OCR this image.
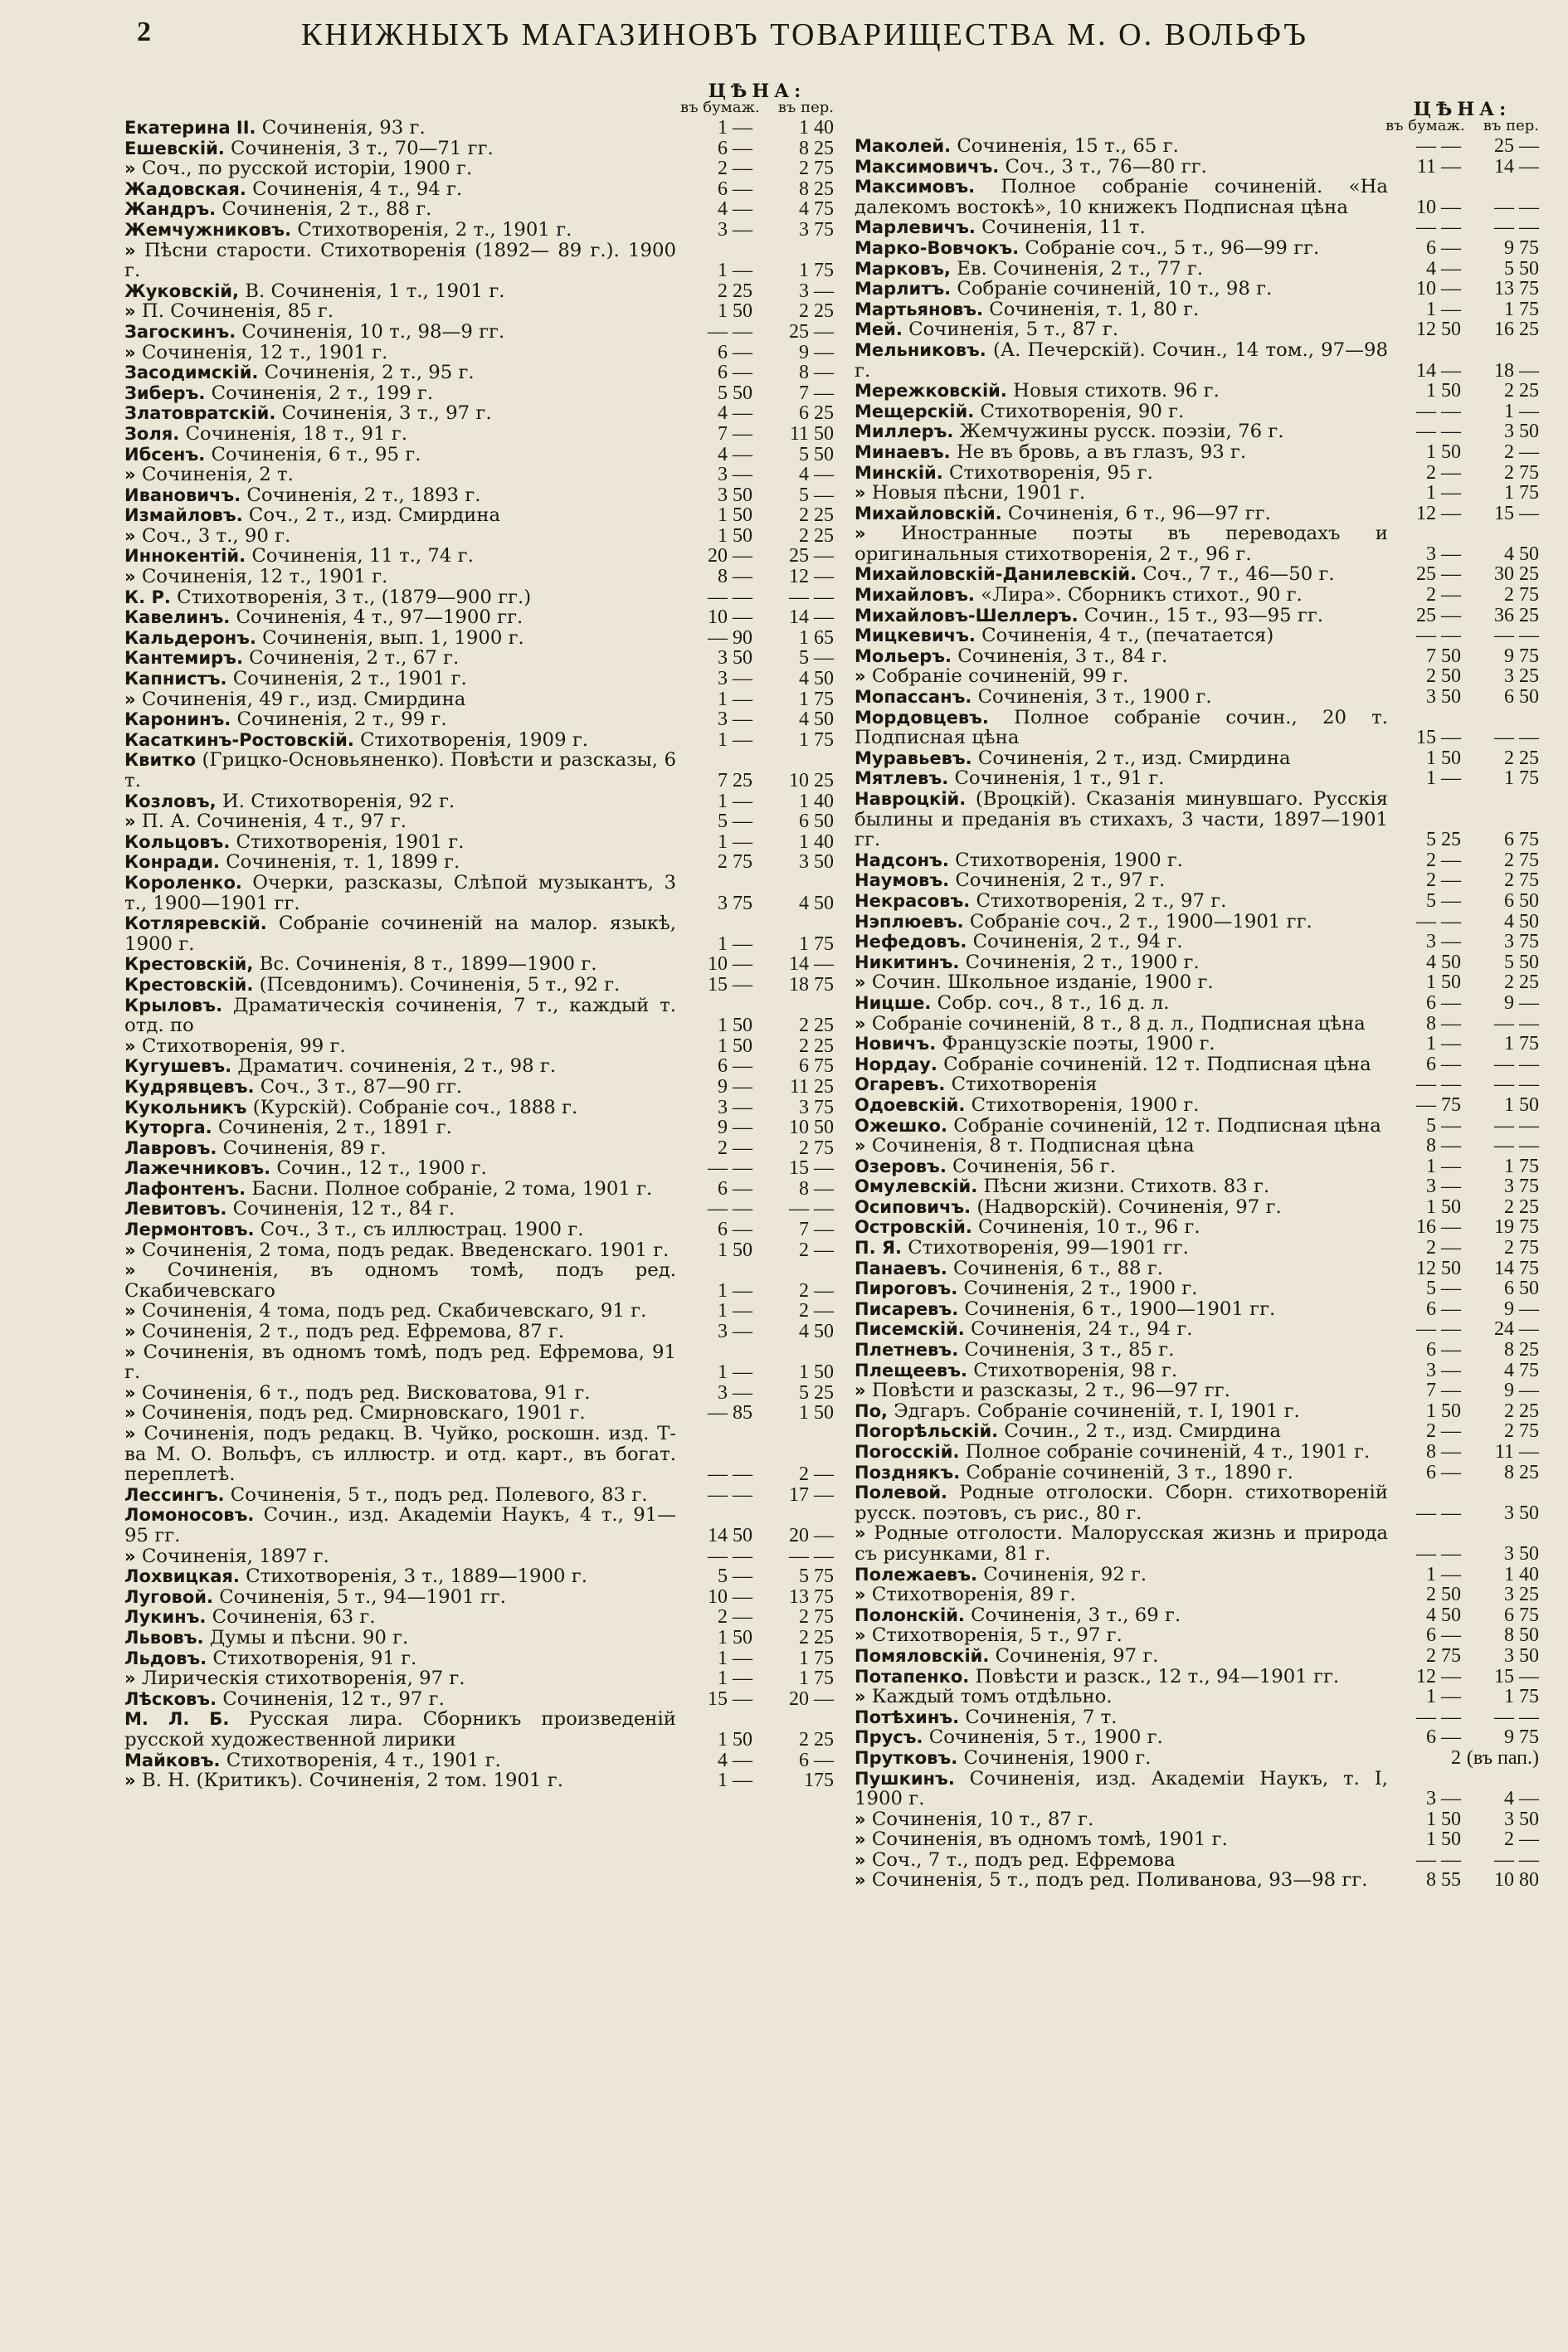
2	КНИЖНЫХЪ МАГАЗИНОВЪ ТОВАРИЩЕСТВА М. О. ВОЛЬФЪ
ЦѢНА:
въ бумаж. въ пер.
Екатерина II. Сочиненія, 93 г.	1 —	1 40
Ешевскій. Сочиненія, 3 т., 70—71 гг.	6 —	8 25
» Соч., по русской исторіи, 1900 г.	2 —	2 75
Жадовская. Сочиненія, 4 т., 94 г.	6 —	8 25
Жандръ. Сочиненія, 2 т., 88 г.	4 —	4 75
Жемчужниковъ. Стихотворенія, 2 т., 1901 г.	3 —	3 75
» Пѣсни старости. Стихотворенія (1892— 89 г.). 1900 г.	1 —	1 75
Жуковскій, В. Сочиненія, 1 т., 1901 г.	2 25	3 —
» П. Сочиненія, 85 г.	1 50	2 25
Загоскинъ. Сочиненія, 10 т., 98—9 гг.	— —	25 —
» Сочиненія, 12 т., 1901 г.	6 —	9 —
Засодимскій. Сочиненія, 2 т., 95 г.	6 —	8 —
Зиберъ. Сочиненія, 2 т., 199 г.	5 50	7 —
Златовратскій. Сочиненія, 3 т., 97 г.	4 —	6 25
Золя. Сочиненія, 18 т., 91 г.	7 —	11 50
Ибсенъ. Сочиненія, 6 т., 95 г.	4 —	5 50
» Сочиненія, 2 т.	3 —	4 —
Ивановичъ. Сочиненія, 2 т., 1893 г.	3 50	5 —
Измайловъ. Соч., 2 т., изд. Смирдина	1 50	2 25
» Соч., 3 т., 90 г.	1 50	2 25
Иннокентій. Сочиненія, 11 т., 74 г.	20 —	25 —
» Сочиненія, 12 т., 1901 г.	8 —	12 —
К. Р. Стихотворенія, 3 т., (1879—900 гг.)	— —	— —
Кавелинъ. Сочиненія, 4 т., 97—1900 гг.	10 —	14 —
Кальдеронъ. Сочиненія, вып. 1, 1900 г.	— 90	1 65
Кантемиръ. Сочиненія, 2 т., 67 г.	3 50	5 —
Капнистъ. Сочиненія, 2 т., 1901 г.	3 —	4 50
» Сочиненія, 49 г., изд. Смирдина	1 —	1 75
Каронинъ. Сочиненія, 2 т., 99 г.	3 —	4 50
Касаткинъ-Ростовскій. Стихотворенія, 1909 г.	1 —	1 75
Квитко (Грицко-Основьяненко). Повѣсти и разсказы, 6 т.	7 25	10 25
Козловъ, И. Стихотворенія, 92 г.	1 —	1 40
» П. А. Сочиненія, 4 т., 97 г.	5 —	6 50
Кольцовъ. Стихотворенія, 1901 г.	1 —	1 40
Конради. Сочиненія, т. 1, 1899 г.	2 75	3 50
Короленко. Очерки, разсказы, Слѣпой музыкантъ, 3 т., 1900—1901 гг.	3 75	4 50
Котляревскій. Собраніе сочиненій на малор. языкѣ, 1900 г.	1 —	1 75
Крестовскій, Вс. Сочиненія, 8 т., 1899—1900 г.	10 —	14 —
Крестовскій. (Псевдонимъ). Сочиненія, 5 т., 92 г.	15 —	18 75
Крыловъ. Драматическія сочиненія, 7 т., каждый т. отд. по	1 50	2 25
» Стихотворенія, 99 г.	1 50	2 25
Кугушевъ. Драматич. сочиненія, 2 т., 98 г.	6 —	6 75
Кудрявцевъ. Соч., 3 т., 87—90 гг.	9 —	11 25
Кукольникъ (Курскій). Собраніе соч., 1888 г.	3 —	3 75
Куторга. Сочиненія, 2 т., 1891 г.	9 —	10 50
Лавровъ. Сочиненія, 89 г.	2 —	2 75
Лажечниковъ. Сочин., 12 т., 1900 г.	— —	15 —
Лафонтенъ. Басни. Полное собраніе, 2 тома, 1901 г.	6 —	8 —
Левитовъ. Сочиненія, 12 т., 84 г.	— —	— —
Лермонтовъ. Соч., 3 т., съ иллюстрац. 1900 г.	6 —	7 —
» Сочиненія, 2 тома, подъ редак. Введенскаго. 1901 г.	1 50	2 —
» Сочиненія, въ одномъ томѣ, подъ ред. Скабичевскаго	1 —	2 —
» Сочиненія, 4 тома, подъ ред. Скабичевскаго, 91 г.	1 —	2 —
» Сочиненія, 2 т., подъ ред. Ефремова, 87 г.	3 —	4 50
» Сочиненія, въ одномъ томѣ, подъ ред. Ефремова, 91 г.	1 —	1 50
» Сочиненія, 6 т., подъ ред. Висковатова, 91 г.	3 —	5 25
» Сочиненія, подъ ред. Смирновскаго, 1901 г.	— 85	1 50
» Сочиненія, подъ редакц. В. Чуйко, роскошн. изд. Т-ва М. О. Вольфъ, съ иллюстр. и отд. карт., въ богат. переплетѣ.	— —	2 —
Лессингъ. Сочиненія, 5 т., подъ ред. Полевого, 83 г.	— —	17 —
Ломоносовъ. Сочин., изд. Академіи Наукъ, 4 т., 91—95 гг.	14 50	20 —
» Сочиненія, 1897 г.	— —	— —
Лохвицкая. Стихотворенія, 3 т., 1889—1900 г.	5 —	5 75
Луговой. Сочиненія, 5 т., 94—1901 гг.	10 —	13 75
Лукинъ. Сочиненія, 63 г.	2 —	2 75
Львовъ. Думы и пѣсни. 90 г.	1 50	2 25
Льдовъ. Стихотворенія, 91 г.	1 —	1 75
» Лирическія стихотворенія, 97 г.	1 —	1 75
Лѣсковъ. Сочиненія, 12 т., 97 г.	15 —	20 —
М. Л. Б. Русская лира. Сборникъ произведеній русской художественной лирики	1 50	2 25
Майковъ. Стихотворенія, 4 т., 1901 г.	4 —	6 —
» В. Н. (Критикъ). Сочиненія, 2 том. 1901 г.	1 —	175
ЦѢНА:
въ бумаж. въ пер.
Маколей. Сочиненія, 15 т., 65 г.	— —	25 —
Максимовичъ. Соч., 3 т., 76—80 гг.	11 —	14 —
Максимовъ. Полное собраніе сочиненій. «На далекомъ востокѣ», 10 книжекъ Подписная цѣна	10 —	— —
Марлевичъ. Сочиненія, 11 т.	— —	— —
Марко-Вовчокъ. Собраніе соч., 5 т., 96—99 гг.	6 —	9 75
Марковъ, Ев. Сочиненія, 2 т., 77 г.	4 —	5 50
Марлитъ. Собраніе сочиненій, 10 т., 98 г.	10 —	13 75
Мартьяновъ. Сочиненія, т. 1, 80 г.	1 —	1 75
Мей. Сочиненія, 5 т., 87 г.	12 50	16 25
Мельниковъ. (А. Печерскій). Сочин., 14 том., 97—98 г.	14 —	18 —
Мережковскій. Новыя стихотв. 96 г.	1 50	2 25
Мещерскій. Стихотворенія, 90 г.	— —	1 —
Миллеръ. Жемчужины русск. поэзіи, 76 г.	— —	3 50
Минаевъ. Не въ бровь, а въ глазъ, 93 г.	1 50	2 —
Минскій. Стихотворенія, 95 г.	2 —	2 75
» Новыя пѣсни, 1901 г.	1 —	1 75
Михайловскій. Сочиненія, 6 т., 96—97 гг.	12 —	15 —
» Иностранные поэты въ переводахъ и оригинальныя стихотворенія, 2 т., 96 г.	3 —	4 50
Михайловскій-Данилевскій. Соч., 7 т., 46—50 г.	25 —	30 25
Михайловъ. «Лира». Сборникъ стихот., 90 г.	2 —	2 75
Михайловъ-Шеллеръ. Сочин., 15 т., 93—95 гг.	25 —	36 25
Мицкевичъ. Сочиненія, 4 т., (печатается)	— —	— —
Мольеръ. Сочиненія, 3 т., 84 г.	7 50	9 75
» Собраніе сочиненій, 99 г.	2 50	3 25
Мопассанъ. Сочиненія, 3 т., 1900 г.	3 50	6 50
Мордовцевъ. Полное собраніе сочин., 20 т. Подписная цѣна	15 —	— —
Муравьевъ. Сочиненія, 2 т., изд. Смирдина	1 50	2 25
Мятлевъ. Сочиненія, 1 т., 91 г.	1 —	1 75
Навроцкій. (Вроцкій). Сказанія минувшаго. Русскія былины и преданія въ стихахъ, 3 части, 1897—1901 гг.	5 25	6 75
Надсонъ. Стихотворенія, 1900 г.	2 —	2 75
Наумовъ. Сочиненія, 2 т., 97 г.	2 —	2 75
Некрасовъ. Стихотворенія, 2 т., 97 г.	5 —	6 50
Нэплюевъ. Собраніе соч., 2 т., 1900—1901 гг.	— —	4 50
Нефедовъ. Сочиненія, 2 т., 94 г.	3 —	3 75
Никитинъ. Сочиненія, 2 т., 1900 г.	4 50	5 50
» Сочин. Школьное изданіе, 1900 г.	1 50	2 25
Ницше. Собр. соч., 8 т., 16 д. л.	6 —	9 —
» Собраніе сочиненій, 8 т., 8 д. л., Подписная цѣна	8 —	— —
Новичъ. Французскіе поэты, 1900 г.	1 —	1 75
Нордау. Собраніе сочиненій. 12 т. Подписная цѣна	6 —	— —
Огаревъ. Стихотворенія	— —	— —
Одоевскій. Стихотворенія, 1900 г.	— 75	1 50
Ожешко. Собраніе сочиненій, 12 т. Подписная цѣна	5 —	— —
» Сочиненія, 8 т. Подписная цѣна	8 —	— —
Озеровъ. Сочиненія, 56 г.	1 —	1 75
Омулевскій. Пѣсни жизни. Стихотв. 83 г.	3 —	3 75
Осиповичъ. (Надворскій). Сочиненія, 97 г.	1 50	2 25
Островскій. Сочиненія, 10 т., 96 г.	16 —	19 75
П. Я. Стихотворенія, 99—1901 гг.	2 —	2 75
Панаевъ. Сочиненія, 6 т., 88 г.	12 50	14 75
Пироговъ. Сочиненія, 2 т., 1900 г.	5 —	6 50
Писаревъ. Сочиненія, 6 т., 1900—1901 гг.	6 —	9 —
Писемскій. Сочиненія, 24 т., 94 г.	— —	24 —
Плетневъ. Сочиненія, 3 т., 85 г.	6 —	8 25
Плещеевъ. Стихотворенія, 98 г.	3 —	4 75
» Повѣсти и разсказы, 2 т., 96—97 гг.	7 —	9 —
По, Эдгаръ. Собраніе сочиненій, т. I, 1901 г.	1 50	2 25
Погорѣльскій. Сочин., 2 т., изд. Смирдина	2 —	2 75
Погосскій. Полное собраніе сочиненій, 4 т., 1901 г.	8 —	11 —
Позднякъ. Собраніе сочиненій, 3 т., 1890 г.	6 —	8 25
Полевой. Родные отголоски. Сборн. стихотвореній русск. поэтовъ, съ рис., 80 г.	— —	3 50
» Родные отголости. Малорусская жизнь и природа съ рисунками, 81 г.	— —	3 50
Полежаевъ. Сочиненія, 92 г.	1 —	1 40
» Стихотворенія, 89 г.	2 50	3 25
Полонскій. Сочиненія, 3 т., 69 г.	4 50	6 75
» Стихотворенія, 5 т., 97 г.	6 —	8 50
Помяловскій. Сочиненія, 97 г.	2 75	3 50
Потапенко. Повѣсти и разск., 12 т., 94—1901 гг.	12 —	15 —
» Каждый томъ отдѣльно.	1 —	1 75
Потѣхинъ. Сочиненія, 7 т.	— —	— —
Прусъ. Сочиненія, 5 т., 1900 г.	6 —	9 75
Прутковъ. Сочиненія, 1900 г.	2 (въ пап.)
Пушкинъ. Сочиненія, изд. Академіи Наукъ, т. I, 1900 г.	3 —	4 —
» Сочиненія, 10 т., 87 г.	1 50	3 50
» Сочиненія, въ одномъ томѣ, 1901 г.	1 50	2 —
» Соч., 7 т., подъ ред. Ефремова	— —	— —
» Сочиненія, 5 т., подъ ред. Поливанова, 93—98 гг.	8 55	10 80
